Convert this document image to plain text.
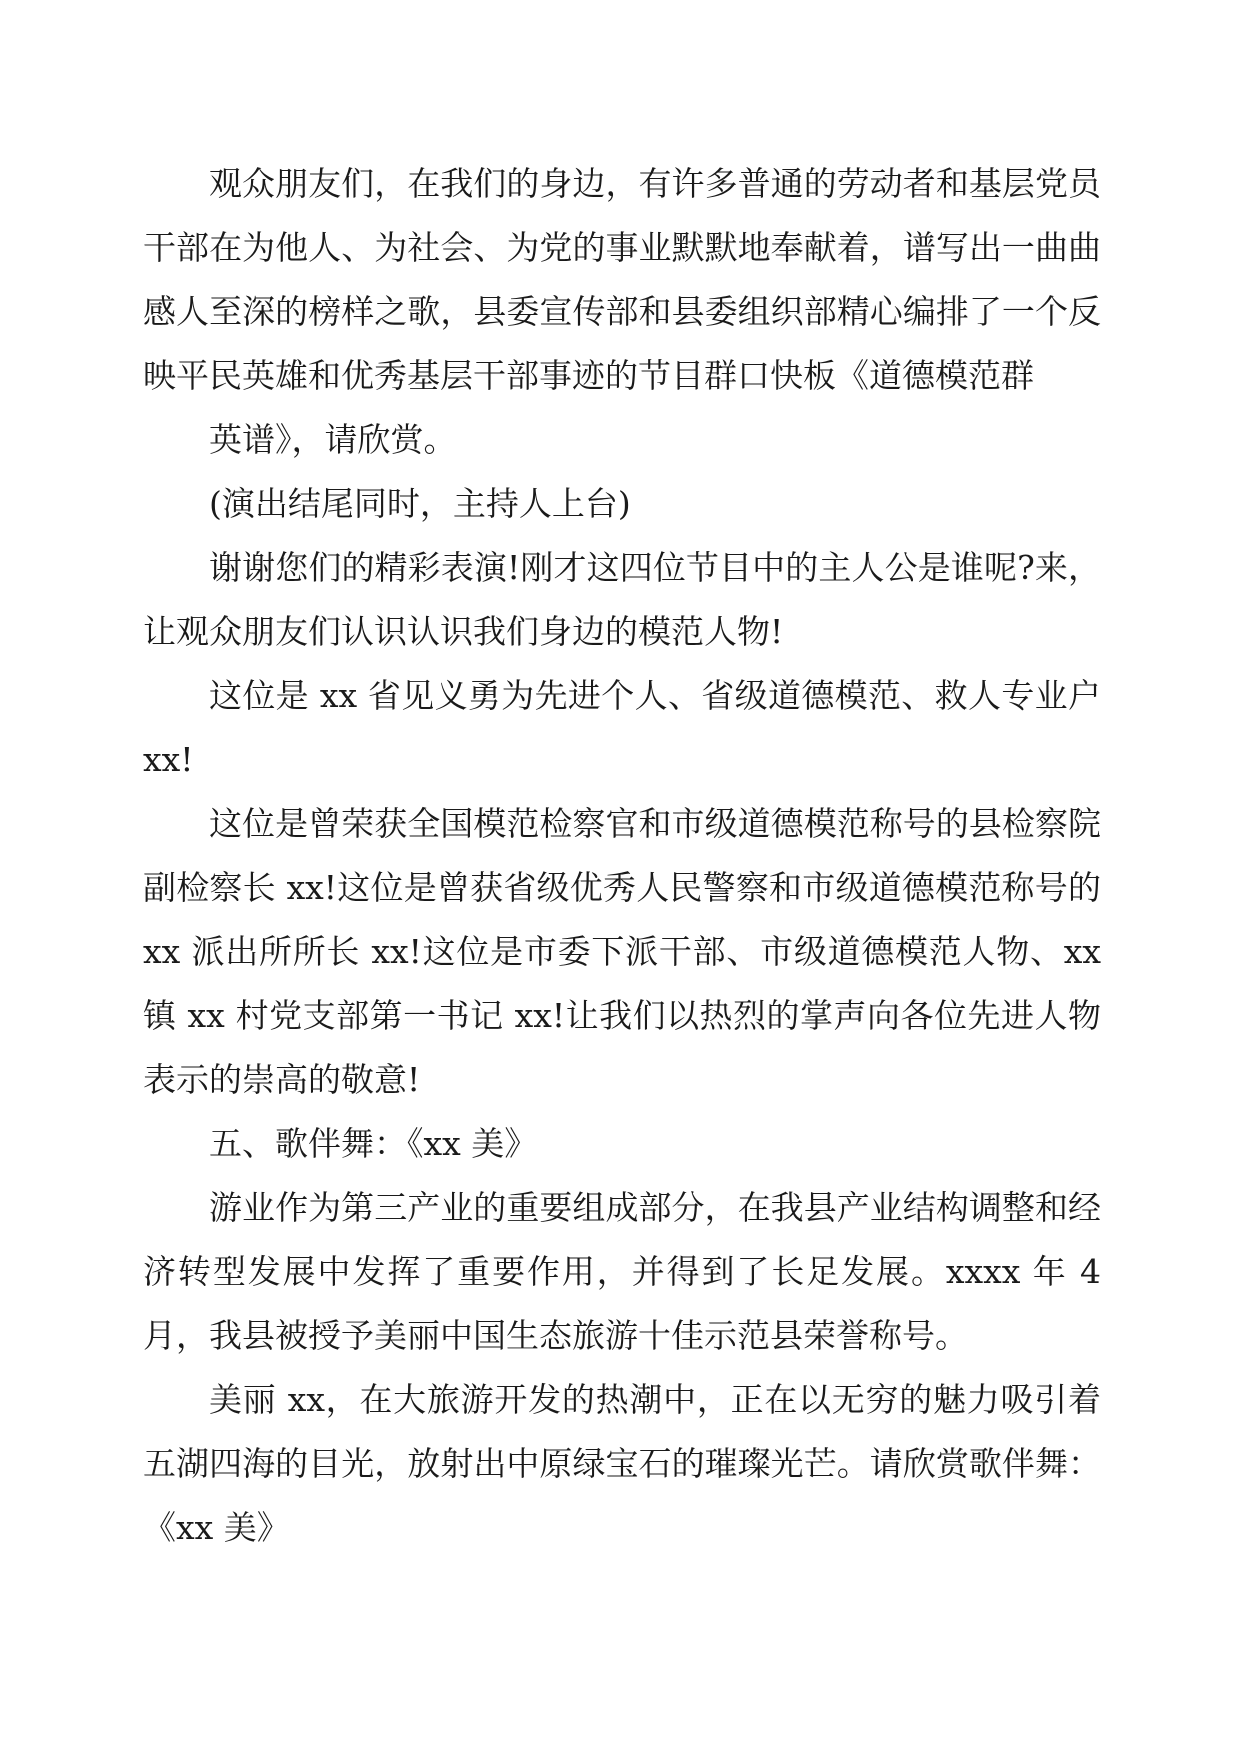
观众朋友们，在我们的身边，有许多普通的劳动者和基层党员干部在为他人、为社会、为党的事业默默地奉献着，谱写出一曲曲感人至深的榜样之歌，县委宣传部和县委组织部精心编排了一个反映平民英雄和优秀基层干部事迹的节目群口快板《道德模范群

英谱》，请欣赏。

(演出结尾同时，主持人上台)

谢谢您们的精彩表演!刚才这四位节目中的主人公是谁呢?来，让观众朋友们认识认识我们身边的模范人物!

这位是 xx 省见义勇为先进个人、省级道德模范、救人专业户 xx!

这位是曾荣获全国模范检察官和市级道德模范称号的县检察院副检察长 xx!这位是曾获省级优秀人民警察和市级道德模范称号的 xx 派出所所长 xx!这位是市委下派干部、市级道德模范人物、xx 镇 xx 村党支部第一书记 xx!让我们以热烈的掌声向各位先进人物表示的崇高的敬意!

五、歌伴舞：《xx 美》

游业作为第三产业的重要组成部分，在我县产业结构调整和经济转型发展中发挥了重要作用，并得到了长足发展。xxxx 年 4 月，我县被授予美丽中国生态旅游十佳示范县荣誉称号。

美丽 xx，在大旅游开发的热潮中，正在以无穷的魅力吸引着五湖四海的目光，放射出中原绿宝石的璀璨光芒。请欣赏歌伴舞：《xx 美》
